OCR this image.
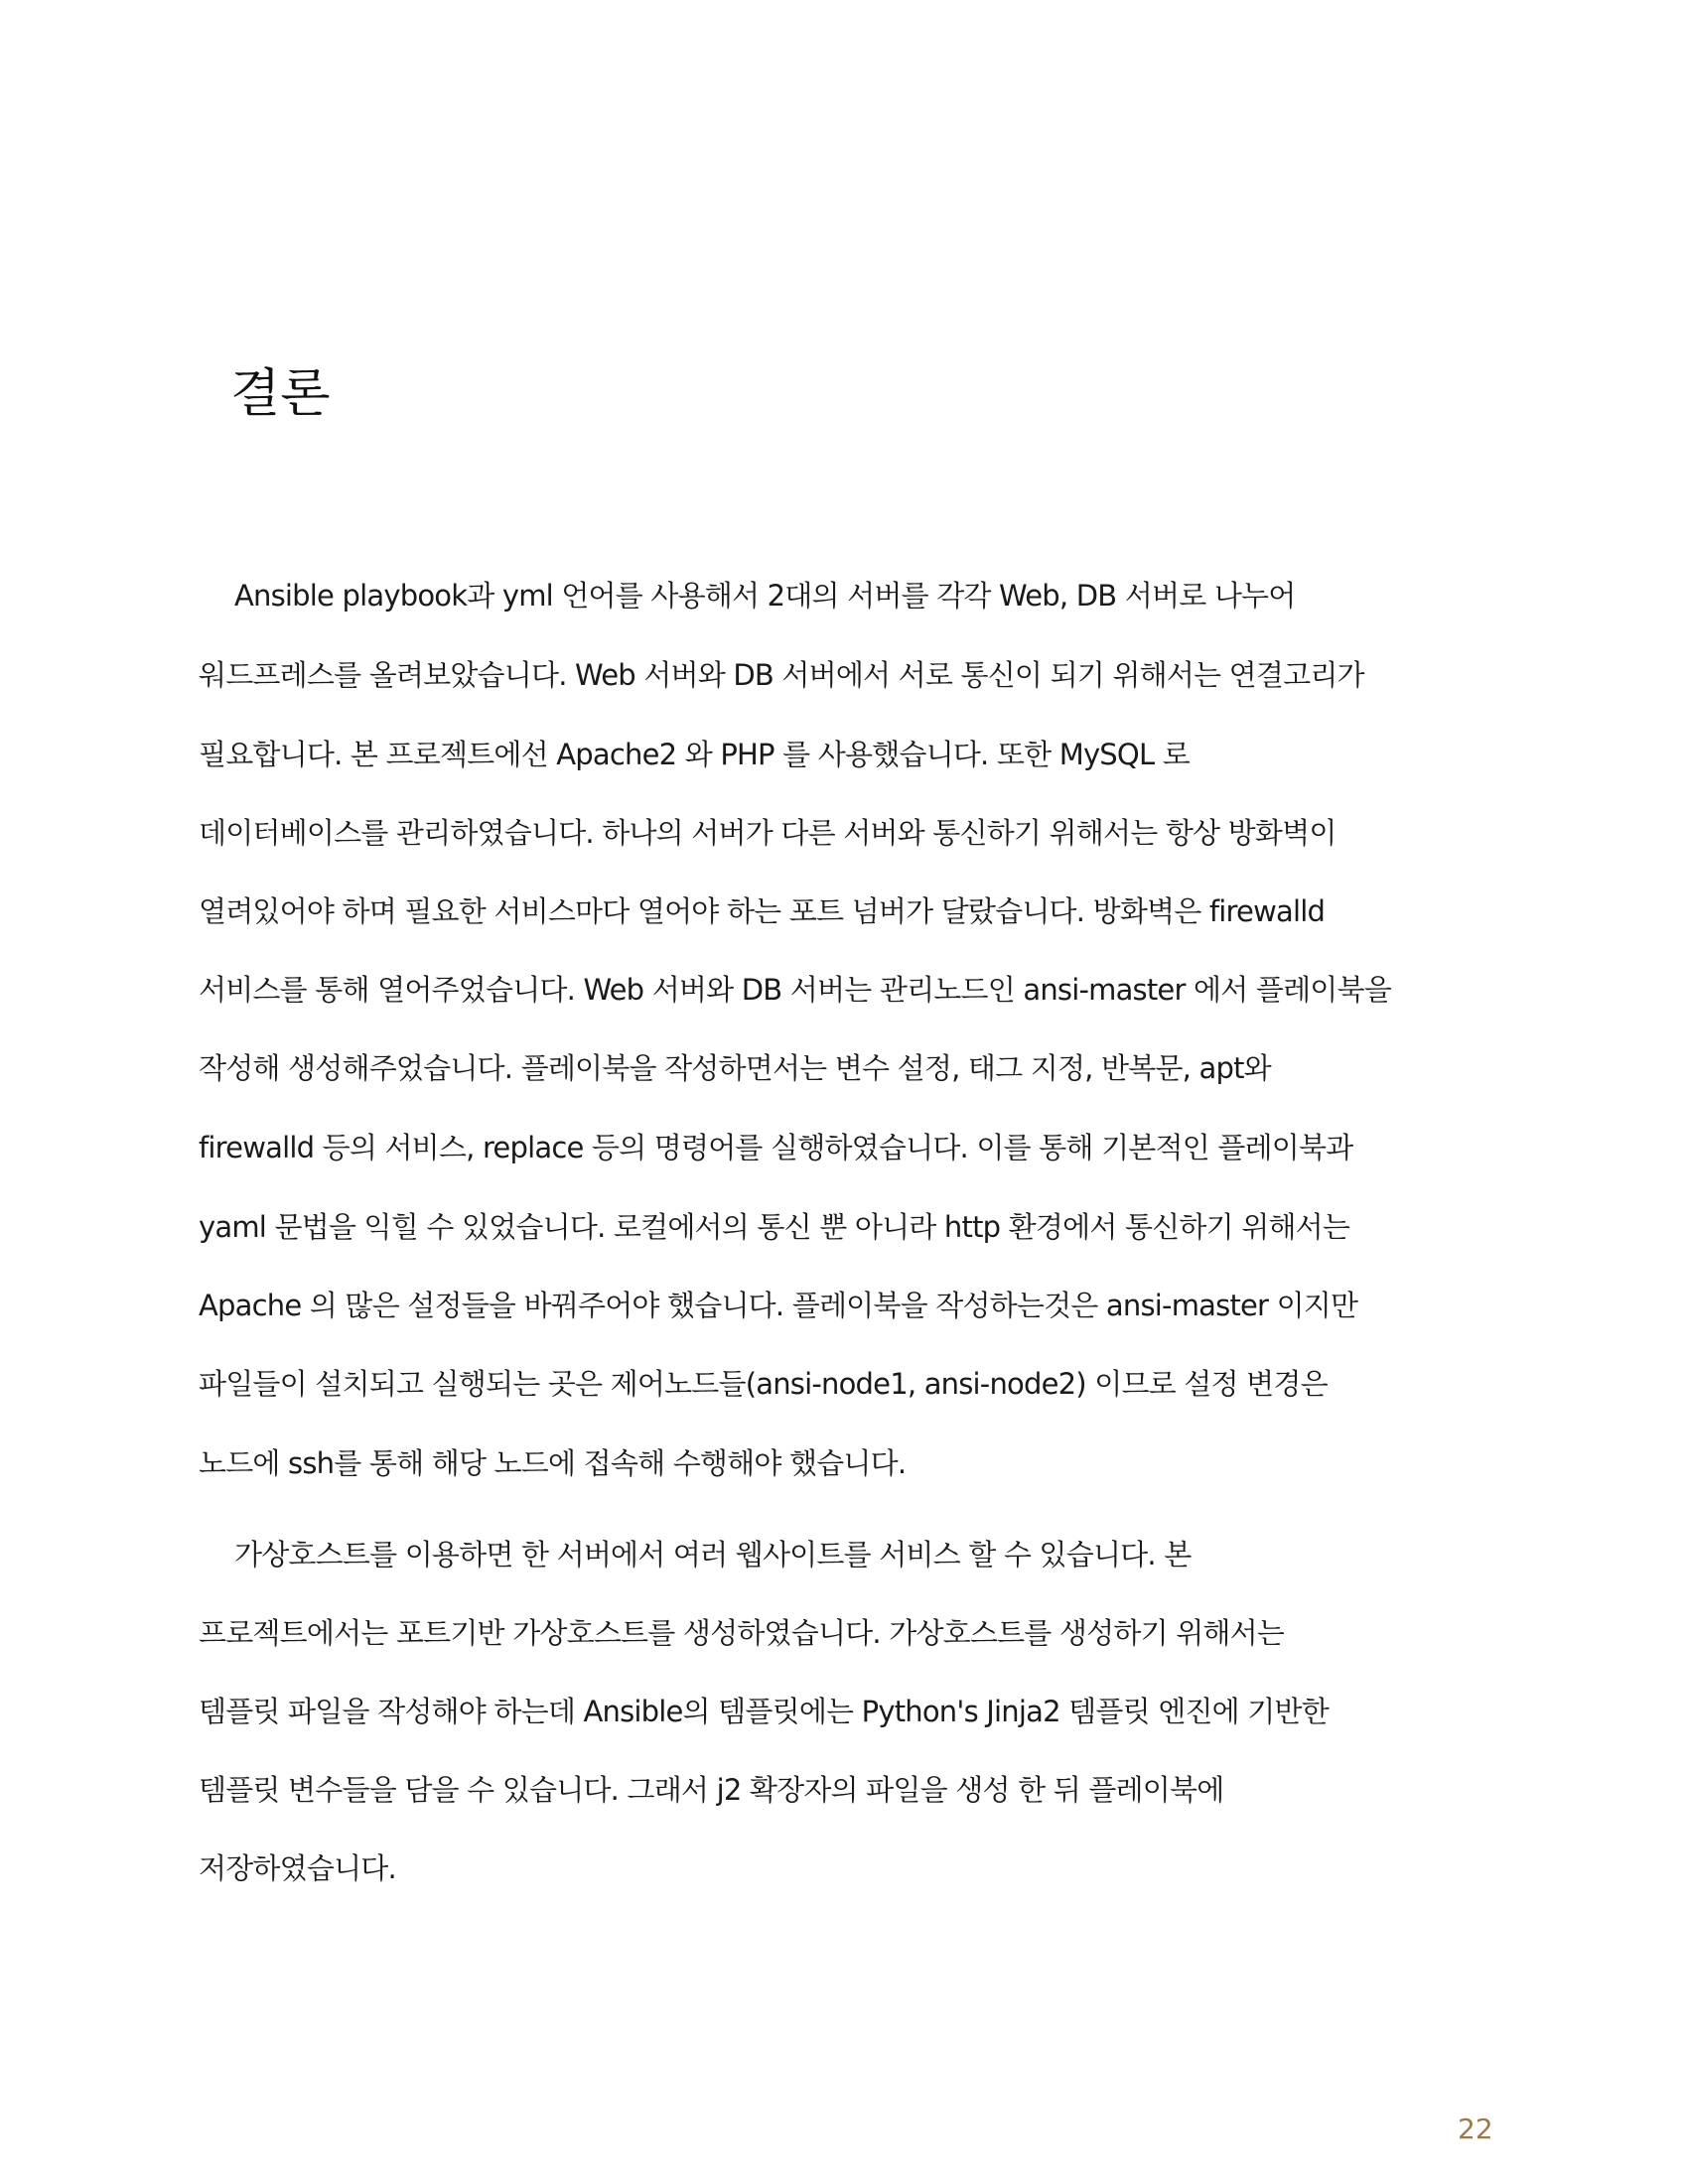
결론
Ansible playbook과 yml 언어를 사용해서 2대의 서버를 각각 Web, DB 서버로 나누어
워드프레스를 올려보았습니다. Web 서버와 DB 서버에서 서로 통신이 되기 위해서는 연결고리가
필요합니다. 본 프로젝트에선 Apache2 와 PHP 를 사용했습니다. 또한 MySQL 로
데이터베이스를 관리하였습니다. 하나의 서버가 다른 서버와 통신하기 위해서는 항상 방화벽이
열려있어야 하며 필요한 서비스마다 열어야 하는 포트 넘버가 달랐습니다. 방화벽은 firewalld
서비스를 통해 열어주었습니다. Web 서버와 DB 서버는 관리노드인 ansi-master 에서 플레이북을
작성해 생성해주었습니다. 플레이북을 작성하면서는 변수 설정, 태그 지정, 반복문, apt와
firewalld 등의 서비스, replace 등의 명령어를 실행하였습니다. 이를 통해 기본적인 플레이북과
yaml 문법을 익힐 수 있었습니다. 로컬에서의 통신 뿐 아니라 http 환경에서 통신하기 위해서는
Apache 의 많은 설정들을 바꿔주어야 했습니다. 플레이북을 작성하는것은 ansi-master 이지만
파일들이 설치되고 실행되는 곳은 제어노드들(ansi-node1, ansi-node2) 이므로 설정 변경은
노드에 ssh를 통해 해당 노드에 접속해 수행해야 했습니다.
가상호스트를 이용하면 한 서버에서 여러 웹사이트를 서비스 할 수 있습니다. 본
프로젝트에서는 포트기반 가상호스트를 생성하였습니다. 가상호스트를 생성하기 위해서는
템플릿 파일을 작성해야 하는데 Ansible의 템플릿에는 Python's Jinja2 템플릿 엔진에 기반한
템플릿 변수들을 담을 수 있습니다. 그래서 j2 확장자의 파일을 생성 한 뒤 플레이북에
저장하였습니다.
22
